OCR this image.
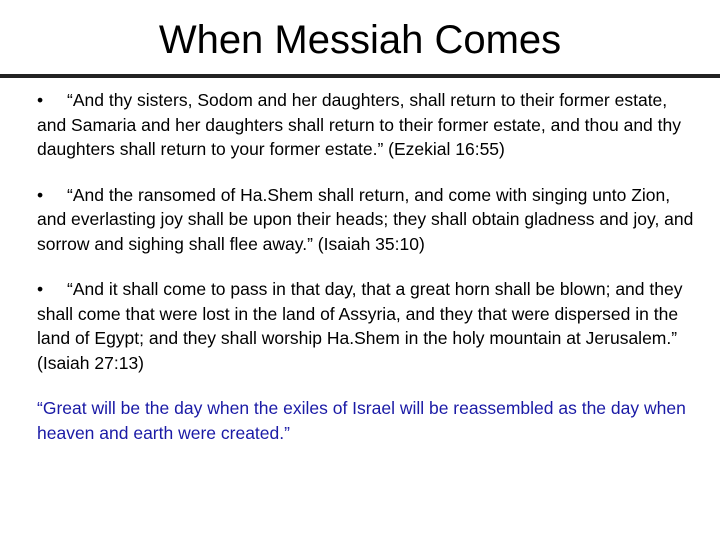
When Messiah Comes

• “And thy sisters, Sodom and her daughters, shall return to their former estate, and Samaria and her daughters shall return to their former estate, and thou and thy daughters shall return to your former estate.” (Ezekial 16:55)

• “And the ransomed of Ha.Shem shall return, and come with singing unto Zion, and everlasting joy shall be upon their heads; they shall obtain gladness and joy, and sorrow and sighing shall flee away.” (Isaiah 35:10)

• “And it shall come to pass in that day, that a great horn shall be blown; and they shall come that were lost in the land of Assyria, and they that were dispersed in the land of Egypt; and they shall worship Ha.Shem in the holy mountain at Jerusalem.” (Isaiah 27:13)

“Great will be the day when the exiles of Israel will be reassembled as the day when heaven and earth were created.”
